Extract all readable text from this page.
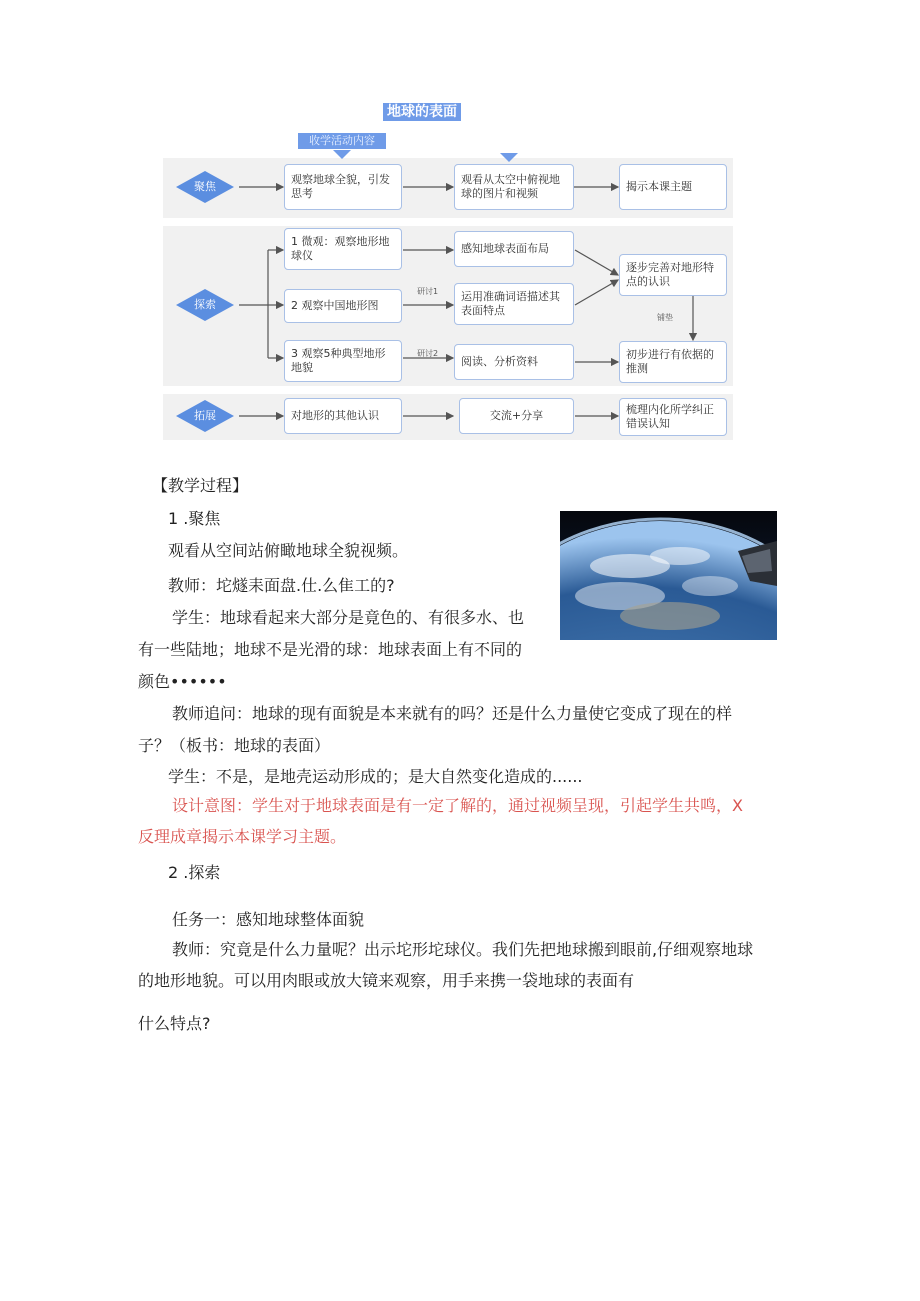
地球的表面
收学活动内容
聚焦
探索
拓展
观察地球全貌，引发思考
观看从太空中俯视地球的图片和视频
揭示本课主题
1 微观：观察地形地球仪
2 观察中国地形图
3 观察5种典型地形地貌
感知地球表面布局
运用准确词语描述其表面特点
阅读、分析资料
逐步完善对地形特点的认识
初步进行有依据的推测
研讨1
研讨2
铺垫
对地形的其他认识	交流+分享	梳理内化所学纠正错误认知
【教学过程】
1 .聚焦
观看从空间站俯瞰地球全貌视频。
教师：坨燧耒面盘.仕.么隹工的?
学生：地球看起来大部分是竟色的、有很多水、也
有一些陆地；地球不是光滑的球：地球表面上有不同的
颜色••••••
教师追问：地球的现有面貌是本来就有的吗？还是什么力量使它变成了现在的样
子？（板书：地球的表面）
学生：不是，是地壳运动形成的；是大自然变化造成的......
设计意图：学生对于地球表面是有一定了解的，通过视频呈现，引起学生共鸣，X
反理成章揭示本课学习主题。
2 .探索
任务一：感知地球整体面貌
教师：究竟是什么力量呢？出示坨形坨球仪。我们先把地球搬到眼前,仔细观察地球
的地形地貌。可以用肉眼或放大镜来观察，用手来携一袋地球的表面有
什么特点?
